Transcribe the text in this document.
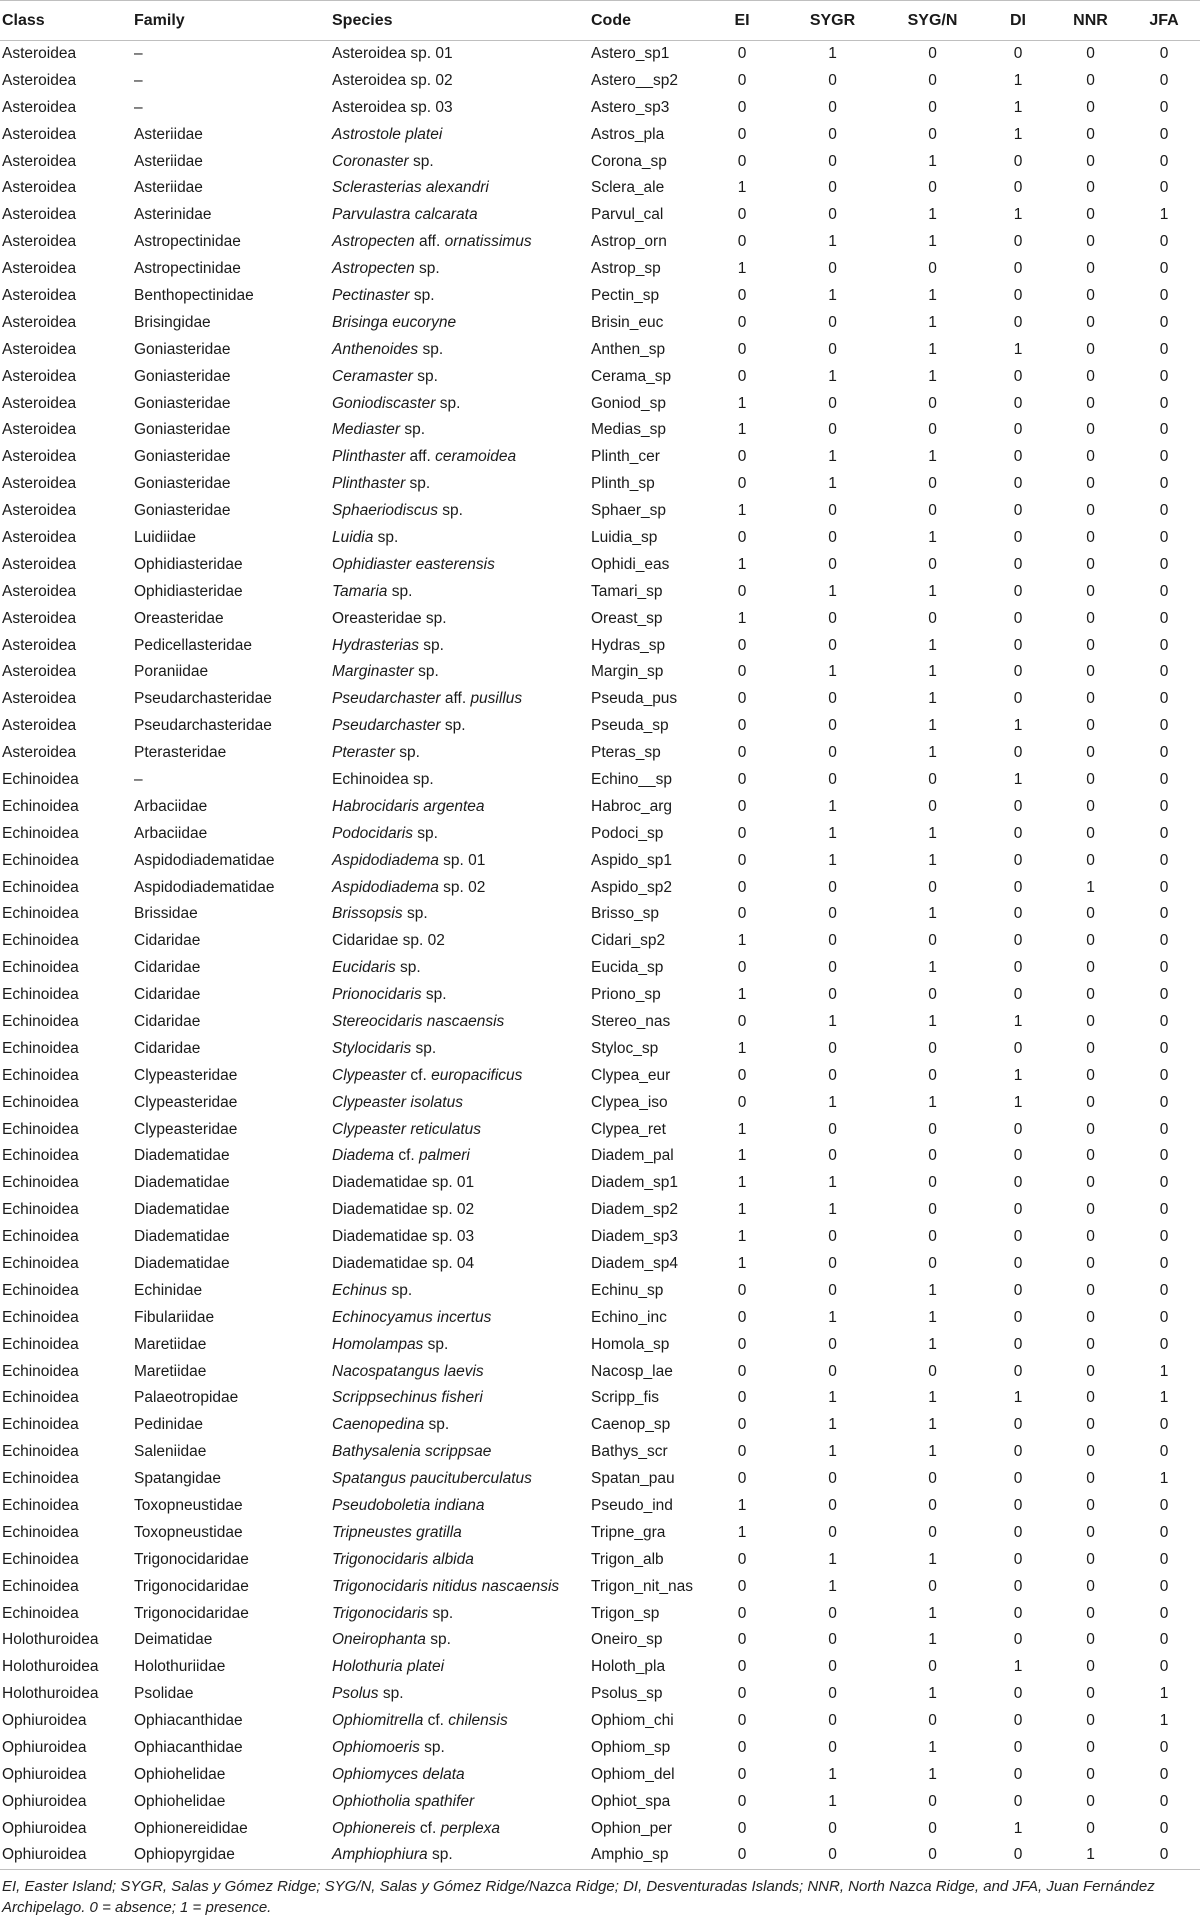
Class	Family	Species	Code	EI	SYGR	SYG/N	DI	NNR	JFA
Asteroidea	–	Asteroidea sp. 01	Astero_sp1	0	1	0	0	0	0
Asteroidea	–	Asteroidea sp. 02	Astero__sp2	0	0	0	1	0	0
Asteroidea	–	Asteroidea sp. 03	Astero_sp3	0	0	0	1	0	0
Asteroidea	Asteriidae	Astrostole platei	Astros_pla	0	0	0	1	0	0
Asteroidea	Asteriidae	Coronaster sp.	Corona_sp	0	0	1	0	0	0
Asteroidea	Asteriidae	Sclerasterias alexandri	Sclera_ale	1	0	0	0	0	0
Asteroidea	Asterinidae	Parvulastra calcarata	Parvul_cal	0	0	1	1	0	1
Asteroidea	Astropectinidae	Astropecten aff. ornatissimus	Astrop_orn	0	1	1	0	0	0
Asteroidea	Astropectinidae	Astropecten sp.	Astrop_sp	1	0	0	0	0	0
Asteroidea	Benthopectinidae	Pectinaster sp.	Pectin_sp	0	1	1	0	0	0
Asteroidea	Brisingidae	Brisinga eucoryne	Brisin_euc	0	0	1	0	0	0
Asteroidea	Goniasteridae	Anthenoides sp.	Anthen_sp	0	0	1	1	0	0
Asteroidea	Goniasteridae	Ceramaster sp.	Cerama_sp	0	1	1	0	0	0
Asteroidea	Goniasteridae	Goniodiscaster sp.	Goniod_sp	1	0	0	0	0	0
Asteroidea	Goniasteridae	Mediaster sp.	Medias_sp	1	0	0	0	0	0
Asteroidea	Goniasteridae	Plinthaster aff. ceramoidea	Plinth_cer	0	1	1	0	0	0
Asteroidea	Goniasteridae	Plinthaster sp.	Plinth_sp	0	1	0	0	0	0
Asteroidea	Goniasteridae	Sphaeriodiscus sp.	Sphaer_sp	1	0	0	0	0	0
Asteroidea	Luidiidae	Luidia sp.	Luidia_sp	0	0	1	0	0	0
Asteroidea	Ophidiasteridae	Ophidiaster easterensis	Ophidi_eas	1	0	0	0	0	0
Asteroidea	Ophidiasteridae	Tamaria sp.	Tamari_sp	0	1	1	0	0	0
Asteroidea	Oreasteridae	Oreasteridae sp.	Oreast_sp	1	0	0	0	0	0
Asteroidea	Pedicellasteridae	Hydrasterias sp.	Hydras_sp	0	0	1	0	0	0
Asteroidea	Poraniidae	Marginaster sp.	Margin_sp	0	1	1	0	0	0
Asteroidea	Pseudarchasteridae	Pseudarchaster aff. pusillus	Pseuda_pus	0	0	1	0	0	0
Asteroidea	Pseudarchasteridae	Pseudarchaster sp.	Pseuda_sp	0	0	1	1	0	0
Asteroidea	Pterasteridae	Pteraster sp.	Pteras_sp	0	0	1	0	0	0
Echinoidea	–	Echinoidea sp.	Echino__sp	0	0	0	1	0	0
Echinoidea	Arbaciidae	Habrocidaris argentea	Habroc_arg	0	1	0	0	0	0
Echinoidea	Arbaciidae	Podocidaris sp.	Podoci_sp	0	1	1	0	0	0
Echinoidea	Aspidodiadematidae	Aspidodiadema sp. 01	Aspido_sp1	0	1	1	0	0	0
Echinoidea	Aspidodiadematidae	Aspidodiadema sp. 02	Aspido_sp2	0	0	0	0	1	0
Echinoidea	Brissidae	Brissopsis sp.	Brisso_sp	0	0	1	0	0	0
Echinoidea	Cidaridae	Cidaridae sp. 02	Cidari_sp2	1	0	0	0	0	0
Echinoidea	Cidaridae	Eucidaris sp.	Eucida_sp	0	0	1	0	0	0
Echinoidea	Cidaridae	Prionocidaris sp.	Priono_sp	1	0	0	0	0	0
Echinoidea	Cidaridae	Stereocidaris nascaensis	Stereo_nas	0	1	1	1	0	0
Echinoidea	Cidaridae	Stylocidaris sp.	Styloc_sp	1	0	0	0	0	0
Echinoidea	Clypeasteridae	Clypeaster cf. europacificus	Clypea_eur	0	0	0	1	0	0
Echinoidea	Clypeasteridae	Clypeaster isolatus	Clypea_iso	0	1	1	1	0	0
Echinoidea	Clypeasteridae	Clypeaster reticulatus	Clypea_ret	1	0	0	0	0	0
Echinoidea	Diadematidae	Diadema cf. palmeri	Diadem_pal	1	0	0	0	0	0
Echinoidea	Diadematidae	Diadematidae sp. 01	Diadem_sp1	1	1	0	0	0	0
Echinoidea	Diadematidae	Diadematidae sp. 02	Diadem_sp2	1	1	0	0	0	0
Echinoidea	Diadematidae	Diadematidae sp. 03	Diadem_sp3	1	0	0	0	0	0
Echinoidea	Diadematidae	Diadematidae sp. 04	Diadem_sp4	1	0	0	0	0	0
Echinoidea	Echinidae	Echinus sp.	Echinu_sp	0	0	1	0	0	0
Echinoidea	Fibulariidae	Echinocyamus incertus	Echino_inc	0	1	1	0	0	0
Echinoidea	Maretiidae	Homolampas sp.	Homola_sp	0	0	1	0	0	0
Echinoidea	Maretiidae	Nacospatangus laevis	Nacosp_lae	0	0	0	0	0	1
Echinoidea	Palaeotropidae	Scrippsechinus fisheri	Scripp_fis	0	1	1	1	0	1
Echinoidea	Pedinidae	Caenopedina sp.	Caenop_sp	0	1	1	0	0	0
Echinoidea	Saleniidae	Bathysalenia scrippsae	Bathys_scr	0	1	1	0	0	0
Echinoidea	Spatangidae	Spatangus paucituberculatus	Spatan_pau	0	0	0	0	0	1
Echinoidea	Toxopneustidae	Pseudoboletia indiana	Pseudo_ind	1	0	0	0	0	0
Echinoidea	Toxopneustidae	Tripneustes gratilla	Tripne_gra	1	0	0	0	0	0
Echinoidea	Trigonocidaridae	Trigonocidaris albida	Trigon_alb	0	1	1	0	0	0
Echinoidea	Trigonocidaridae	Trigonocidaris nitidus nascaensis	Trigon_nit_nas	0	1	0	0	0	0
Echinoidea	Trigonocidaridae	Trigonocidaris sp.	Trigon_sp	0	0	1	0	0	0
Holothuroidea	Deimatidae	Oneirophanta sp.	Oneiro_sp	0	0	1	0	0	0
Holothuroidea	Holothuriidae	Holothuria platei	Holoth_pla	0	0	0	1	0	0
Holothuroidea	Psolidae	Psolus sp.	Psolus_sp	0	0	1	0	0	1
Ophiuroidea	Ophiacanthidae	Ophiomitrella cf. chilensis	Ophiom_chi	0	0	0	0	0	1
Ophiuroidea	Ophiacanthidae	Ophiomoeris sp.	Ophiom_sp	0	0	1	0	0	0
Ophiuroidea	Ophiohelidae	Ophiomyces delata	Ophiom_del	0	1	1	0	0	0
Ophiuroidea	Ophiohelidae	Ophiotholia spathifer	Ophiot_spa	0	1	0	0	0	0
Ophiuroidea	Ophionereididae	Ophionereis cf. perplexa	Ophion_per	0	0	0	1	0	0
Ophiuroidea	Ophiopyrgidae	Amphiophiura sp.	Amphio_sp	0	0	0	0	1	0
EI, Easter Island; SYGR, Salas y Gómez Ridge; SYG/N, Salas y Gómez Ridge/Nazca Ridge; DI, Desventuradas Islands; NNR, North Nazca Ridge, and JFA, Juan Fernández Archipelago. 0 = absence; 1 = presence.
